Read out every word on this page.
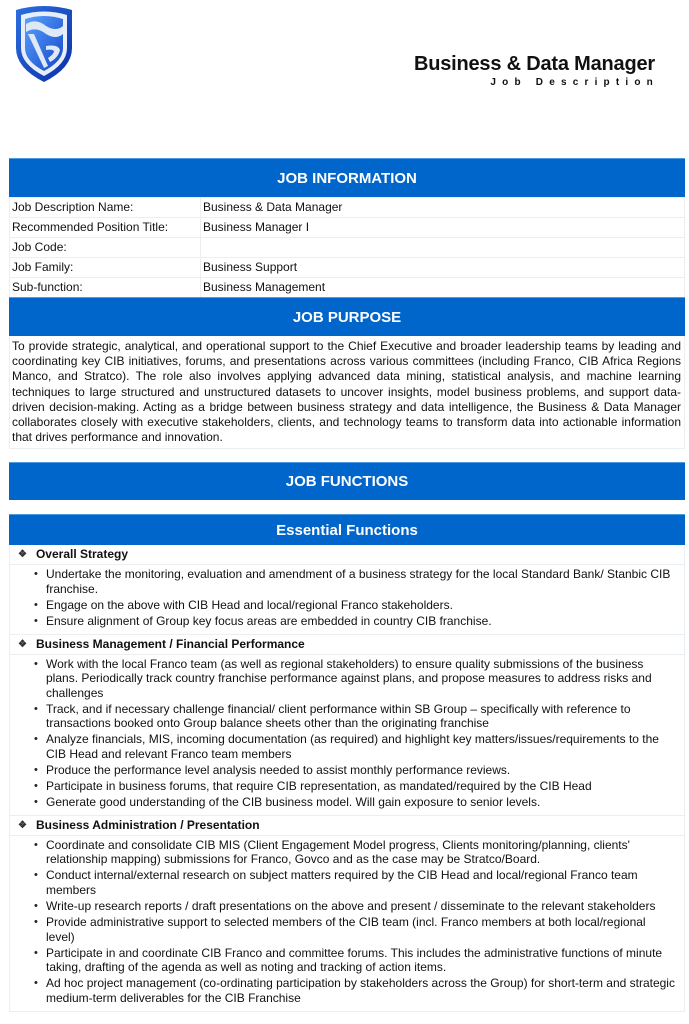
Business & Data Manager
Job Description
JOB INFORMATION
Job Description Name:	Business & Data Manager
Recommended Position Title:	Business Manager I
Job Code:	
Job Family:	Business Support
Sub-function:	Business Management
JOB PURPOSE
To provide strategic, analytical, and operational support to the Chief Executive and broader leadership teams by leading and coordinating key CIB initiatives, forums, and presentations across various committees (including Franco, CIB Africa Regions Manco, and Stratco). The role also involves applying advanced data mining, statistical analysis, and machine learning techniques to large structured and unstructured datasets to uncover insights, model business problems, and support data-driven decision-making. Acting as a bridge between business strategy and data intelligence, the Business & Data Manager collaborates closely with executive stakeholders, clients, and technology teams to transform data into actionable information that drives performance and innovation.
JOB FUNCTIONS
Essential Functions
❖ Overall Strategy
• Undertake the monitoring, evaluation and amendment of a business strategy for the local Standard Bank/ Stanbic CIB franchise.
• Engage on the above with CIB Head and local/regional Franco stakeholders.
• Ensure alignment of Group key focus areas are embedded in country CIB franchise.
❖ Business Management / Financial Performance
• Work with the local Franco team (as well as regional stakeholders) to ensure quality submissions of the business plans. Periodically track country franchise performance against plans, and propose measures to address risks and challenges
• Track, and if necessary challenge financial/ client performance within SB Group – specifically with reference to transactions booked onto Group balance sheets other than the originating franchise
• Analyze financials, MIS, incoming documentation (as required) and highlight key matters/issues/requirements to the CIB Head and relevant Franco team members
• Produce the performance level analysis needed to assist monthly performance reviews.
• Participate in business forums, that require CIB representation, as mandated/required by the CIB Head
• Generate good understanding of the CIB business model. Will gain exposure to senior levels.
❖ Business Administration / Presentation
• Coordinate and consolidate CIB MIS (Client Engagement Model progress, Clients monitoring/planning, clients' relationship mapping) submissions for Franco, Govco and as the case may be Stratco/Board.
• Conduct internal/external research on subject matters required by the CIB Head and local/regional Franco team members
• Write-up research reports / draft presentations on the above and present / disseminate to the relevant stakeholders
• Provide administrative support to selected members of the CIB team (incl. Franco members at both local/regional level)
• Participate in and coordinate CIB Franco and committee forums. This includes the administrative functions of minute taking, drafting of the agenda as well as noting and tracking of action items.
• Ad hoc project management (co-ordinating participation by stakeholders across the Group) for short-term and strategic medium-term deliverables for the CIB Franchise
